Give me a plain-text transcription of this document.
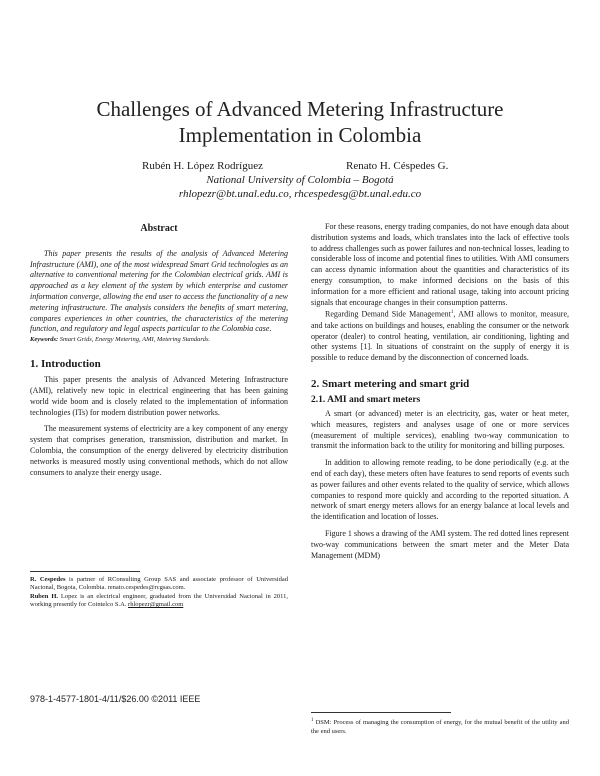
Challenges of Advanced Metering Infrastructure
Implementation in Colombia
Rubén H. López Rodríguez	Renato H. Céspedes G.
National University of Colombia – Bogotá
rhlopezr@bt.unal.edu.co, rhcespedesg@bt.unal.edu.co
Abstract

This paper presents the results of the analysis of Advanced Metering Infrastructure (AMI), one of the most widespread Smart Grid technologies as an alternative to conventional metering for the Colombian electrical grids. AMI is approached as a key element of the system by which enterprise and customer information converge, allowing the end user to access the functionality of a new metering infrastructure. The analysis considers the benefits of smart metering, compares experiences in other countries, the characteristics of the metering function, and regulatory and legal aspects particular to the Colombia case.

Keywords: Smart Grids, Energy Metering, AMI, Metering Standards.
1. Introduction

This paper presents the analysis of Advanced Metering Infrastructure (AMI), relatively new topic in electrical engineering that has been gaining world wide boom and is closely related to the implementation of information technologies (ITs) for modern distribution power networks.

The measurement systems of electricity are a key component of any energy system that comprises generation, transmission, distribution and market. In Colombia, the consumption of the energy delivered by electricity distribution networks is measured mostly using conventional methods, which do not allow consumers to analyze their energy usage.

R. Cespedes is partner of RConsulting Group SAS and associate professor of Universidad Nacional, Bogota, Colombia. renato.cespedes@rcgsas.com.
Ruben H. Lopez is an electrical engineer, graduated from the Universidad Nacional in 2011, working presently for Cointelco S.A. rhlopezr@gmail.com
978-1-4577-1801-4/11/$26.00 ©2011 IEEE

For these reasons, energy trading companies, do not have enough data about distribution systems and loads, which translates into the lack of effective tools to address challenges such as power failures and non-technical losses, leading to considerable loss of income and potential fines to utilities. With AMI consumers can access dynamic information about the quantities and characteristics of its energy consumption, to make informed decisions on the basis of this information for a more efficient and rational usage, taking into account pricing signals that encourage changes in their consumption patterns.

Regarding Demand Side Management$^1$, AMI allows to monitor, measure, and take actions on buildings and houses, enabling the consumer or the network operator (dealer) to control heating, ventilation, air conditioning, lighting and other systems [1]. In situations of constraint on the supply of energy it is possible to reduce demand by the disconnection of concerned loads.

2. Smart metering and smart grid
2.1. AMI and smart meters

A smart (or advanced) meter is an electricity, gas, water or heat meter, which measures, registers and analyses usage of one or more services (measurement of multiple services), enabling two-way communication to transmit the information back to the utility for monitoring and billing purposes.

In addition to allowing remote reading, to be done periodically (e.g. at the end of each day), these meters often have features to send reports of events such as power failures and other events related to the quality of service, which allows companies to respond more quickly and according to the reported situation. A network of smart energy meters allows for an energy balance at local levels and the identification and location of losses.

Figure 1 shows a drawing of the AMI system. The red dotted lines represent two-way communications between the smart meter and the Meter Data Management (MDM)

$^1$ DSM: Process of managing the consumption of energy, for the mutual benefit of the utility and the end users.
